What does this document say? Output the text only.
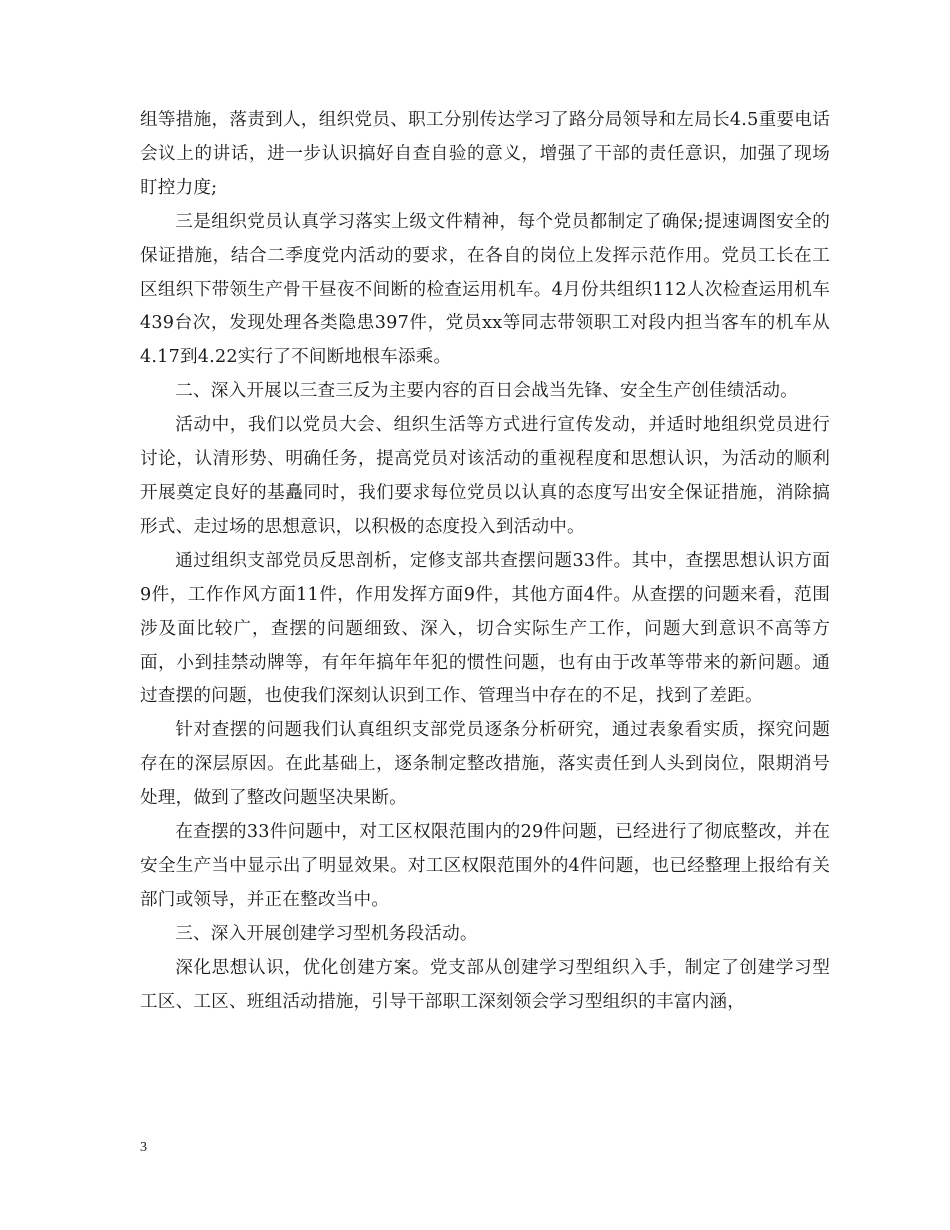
组等措施，落责到人，组织党员、职工分别传达学习了路分局领导和左局长4.5重要电话会议上的讲话，进一步认识搞好自查自验的意义，增强了干部的责任意识，加强了现场盯控力度;

三是组织党员认真学习落实上级文件精神，每个党员都制定了确保;提速调图安全的保证措施，结合二季度党内活动的要求，在各自的岗位上发挥示范作用。党员工长在工区组织下带领生产骨干昼夜不间断的检查运用机车。4月份共组织112人次检查运用机车439台次，发现处理各类隐患397件，党员xx等同志带领职工对段内担当客车的机车从4.17到4.22实行了不间断地根车添乘。

二、深入开展以三查三反为主要内容的百日会战当先锋、安全生产创佳绩活动。

活动中，我们以党员大会、组织生活等方式进行宣传发动，并适时地组织党员进行讨论，认清形势、明确任务，提高党员对该活动的重视程度和思想认识，为活动的顺利开展奠定良好的基矗同时，我们要求每位党员以认真的态度写出安全保证措施，消除搞形式、走过场的思想意识，以积极的态度投入到活动中。

通过组织支部党员反思剖析，定修支部共查摆问题33件。其中，查摆思想认识方面9件，工作作风方面11件，作用发挥方面9件，其他方面4件。从查摆的问题来看，范围涉及面比较广，查摆的问题细致、深入，切合实际生产工作，问题大到意识不高等方面，小到挂禁动牌等，有年年搞年年犯的惯性问题，也有由于改革等带来的新问题。通过查摆的问题，也使我们深刻认识到工作、管理当中存在的不足，找到了差距。

针对查摆的问题我们认真组织支部党员逐条分析研究，通过表象看实质，探究问题存在的深层原因。在此基础上，逐条制定整改措施，落实责任到人头到岗位，限期消号处理，做到了整改问题坚决果断。

在查摆的33件问题中，对工区权限范围内的29件问题，已经进行了彻底整改，并在安全生产当中显示出了明显效果。对工区权限范围外的4件问题，也已经整理上报给有关部门或领导，并正在整改当中。

三、深入开展创建学习型机务段活动。

深化思想认识，优化创建方案。党支部从创建学习型组织入手，制定了创建学习型工区、工区、班组活动措施，引导干部职工深刻领会学习型组织的丰富内涵，

3
